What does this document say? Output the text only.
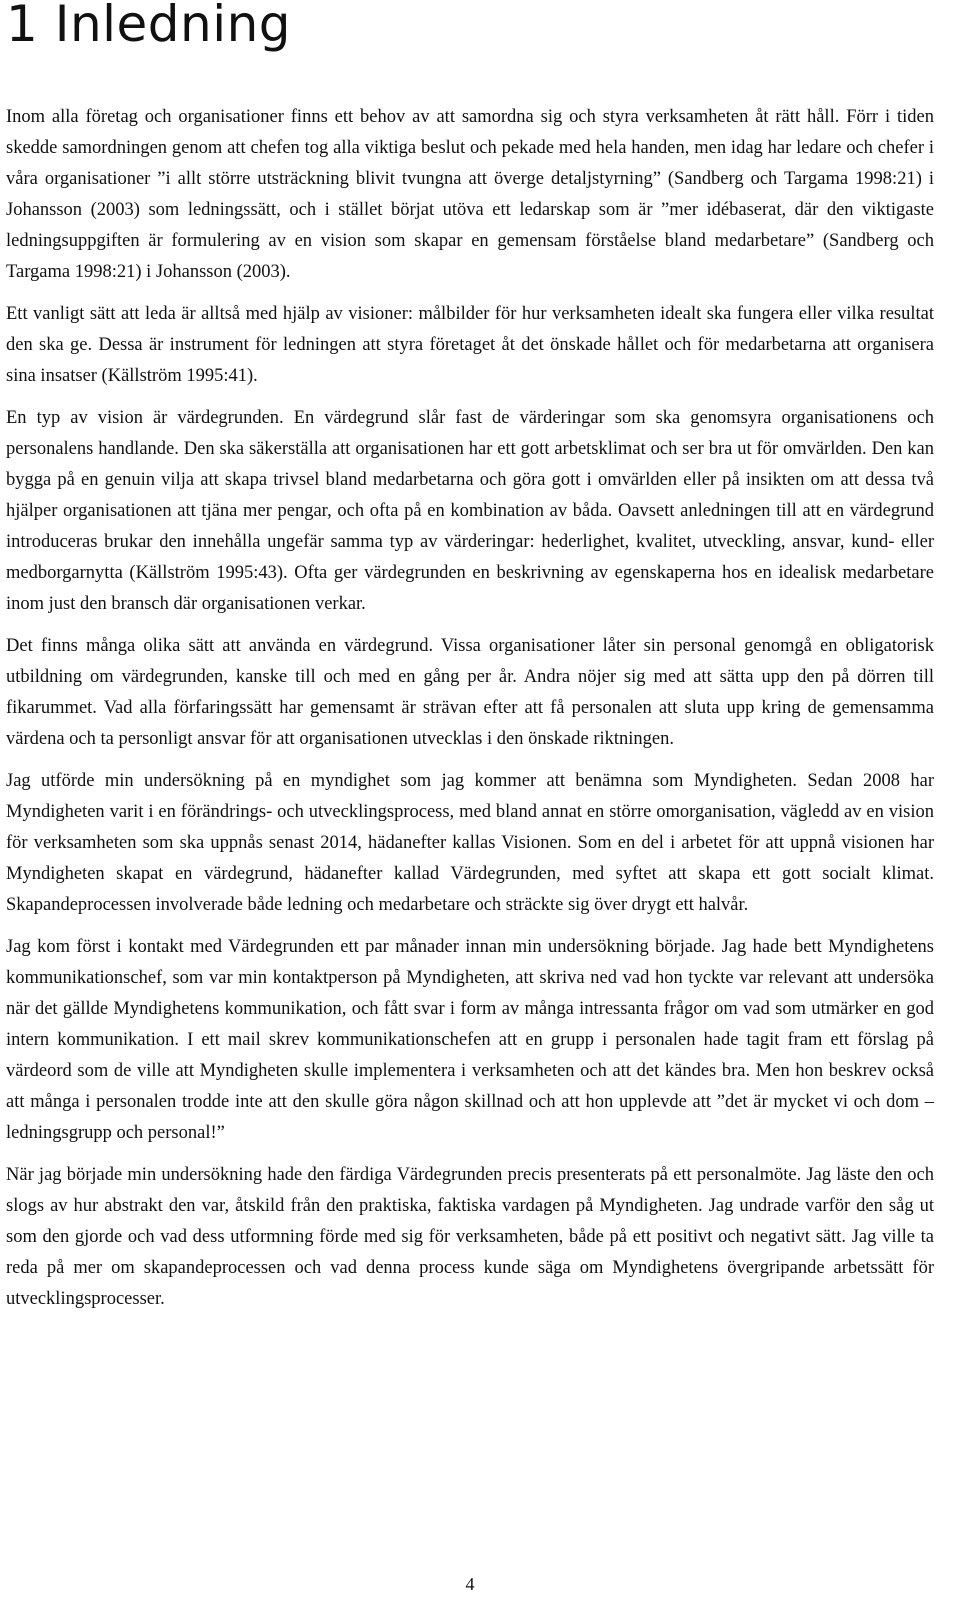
1 Inledning

Inom alla företag och organisationer finns ett behov av att samordna sig och styra verksamheten åt rätt håll. Förr i tiden skedde samordningen genom att chefen tog alla viktiga beslut och pekade med hela handen, men idag har ledare och chefer i våra organisationer ”i allt större utsträckning blivit tvungna att överge detaljstyrning” (Sandberg och Targama 1998:21) i Johansson (2003) som ledningssätt, och i stället börjat utöva ett ledarskap som är ”mer idébaserat, där den viktigaste ledningsuppgiften är formulering av en vision som skapar en gemensam förståelse bland medarbetare” (Sandberg och Targama 1998:21) i Johansson (2003).

Ett vanligt sätt att leda är alltså med hjälp av visioner: målbilder för hur verksamheten idealt ska fungera eller vilka resultat den ska ge. Dessa är instrument för ledningen att styra företaget åt det önskade hållet och för medarbetarna att organisera sina insatser (Källström 1995:41).

En typ av vision är värdegrunden. En värdegrund slår fast de värderingar som ska genomsyra organisationens och personalens handlande. Den ska säkerställa att organisationen har ett gott arbetsklimat och ser bra ut för omvärlden. Den kan bygga på en genuin vilja att skapa trivsel bland medarbetarna och göra gott i omvärlden eller på insikten om att dessa två hjälper organisationen att tjäna mer pengar, och ofta på en kombination av båda. Oavsett anledningen till att en värdegrund introduceras brukar den innehålla ungefär samma typ av värderingar: hederlighet, kvalitet, utveckling, ansvar, kund- eller medborgarnytta (Källström 1995:43). Ofta ger värdegrunden en beskrivning av egenskaperna hos en idealisk medarbetare inom just den bransch där organisationen verkar.

Det finns många olika sätt att använda en värdegrund. Vissa organisationer låter sin personal genomgå en obligatorisk utbildning om värdegrunden, kanske till och med en gång per år. Andra nöjer sig med att sätta upp den på dörren till fikarummet. Vad alla förfaringssätt har gemensamt är strävan efter att få personalen att sluta upp kring de gemensamma värdena och ta personligt ansvar för att organisationen utvecklas i den önskade riktningen.

Jag utförde min undersökning på en myndighet som jag kommer att benämna som Myndigheten. Sedan 2008 har Myndigheten varit i en förändrings- och utvecklingsprocess, med bland annat en större omorganisation, vägledd av en vision för verksamheten som ska uppnås senast 2014, hädanefter kallas Visionen. Som en del i arbetet för att uppnå visionen har Myndigheten skapat en värdegrund, hädanefter kallad Värdegrunden, med syftet att skapa ett gott socialt klimat. Skapandeprocessen involverade både ledning och medarbetare och sträckte sig över drygt ett halvår.

Jag kom först i kontakt med Värdegrunden ett par månader innan min undersökning började. Jag hade bett Myndighetens kommunikationschef, som var min kontaktperson på Myndigheten, att skriva ned vad hon tyckte var relevant att undersöka när det gällde Myndighetens kommunikation, och fått svar i form av många intressanta frågor om vad som utmärker en god intern kommunikation. I ett mail skrev kommunikationschefen att en grupp i personalen hade tagit fram ett förslag på värdeord som de ville att Myndigheten skulle implementera i verksamheten och att det kändes bra. Men hon beskrev också att många i personalen trodde inte att den skulle göra någon skillnad och att hon upplevde att ”det är mycket vi och dom – ledningsgrupp och personal!”

När jag började min undersökning hade den färdiga Värdegrunden precis presenterats på ett personalmöte. Jag läste den och slogs av hur abstrakt den var, åtskild från den praktiska, faktiska vardagen på Myndigheten. Jag undrade varför den såg ut som den gjorde och vad dess utformning förde med sig för verksamheten, både på ett positivt och negativt sätt. Jag ville ta reda på mer om skapandeprocessen och vad denna process kunde säga om Myndighetens övergripande arbetssätt för utvecklingsprocesser.

4
